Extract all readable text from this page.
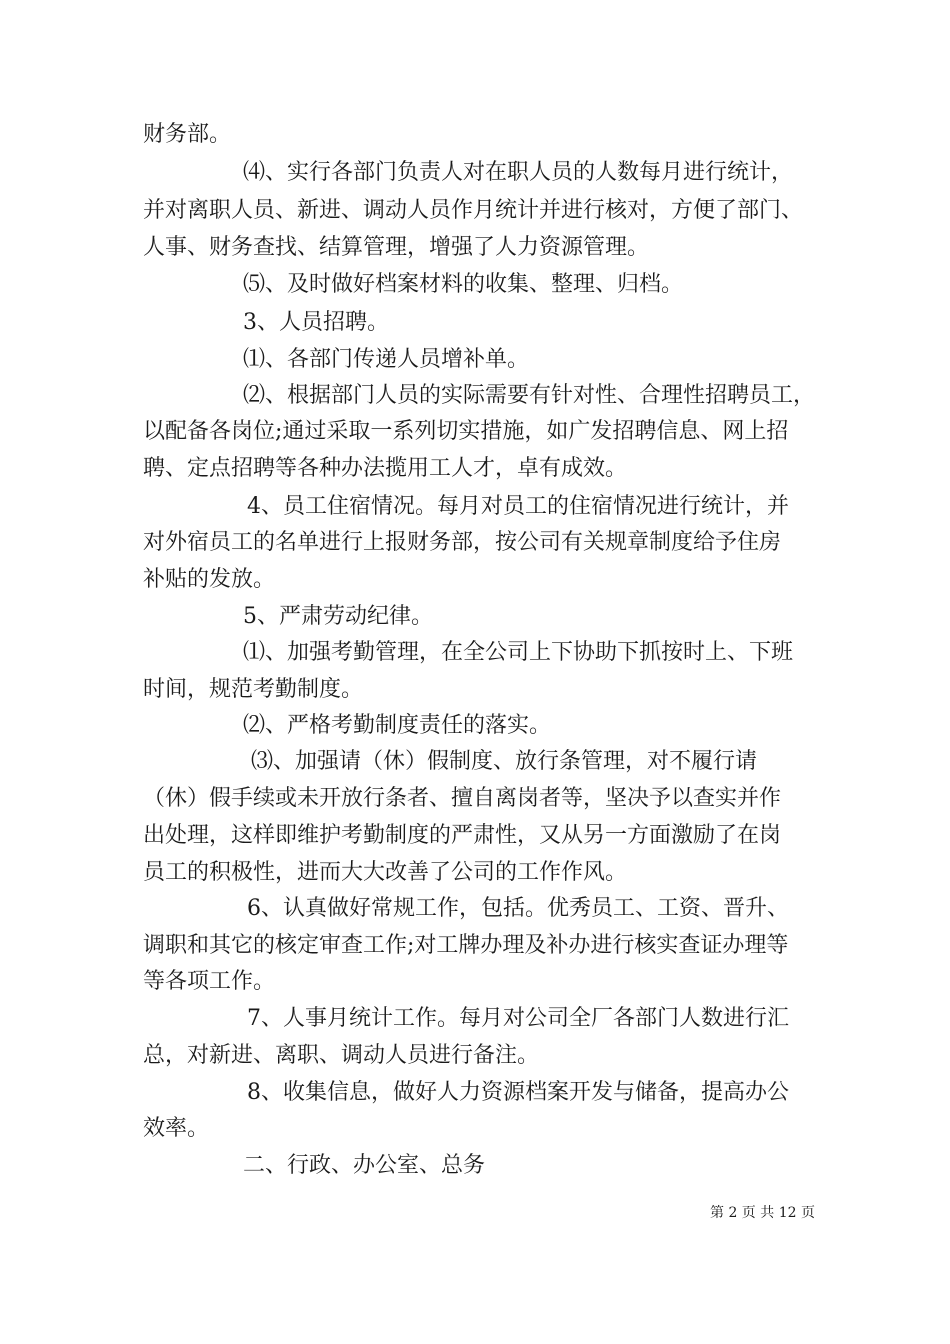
财务部。
⑷、实行各部门负责人对在职人员的人数每月进行统计，
并对离职人员、新进、调动人员作月统计并进行核对，方便了部门、
人事、财务查找、结算管理，增强了人力资源管理。
⑸、及时做好档案材料的收集、整理、归档。
3、人员招聘。
⑴、各部门传递人员增补单。
⑵、根据部门人员的实际需要有针对性、合理性招聘员工，
以配备各岗位;通过采取一系列切实措施，如广发招聘信息、网上招
聘、定点招聘等各种办法揽用工人才，卓有成效。
4、员工住宿情况。每月对员工的住宿情况进行统计，并
对外宿员工的名单进行上报财务部，按公司有关规章制度给予住房
补贴的发放。
5、严肃劳动纪律。
⑴、加强考勤管理，在全公司上下协助下抓按时上、下班
时间，规范考勤制度。
⑵、严格考勤制度责任的落实。
⑶、加强请（休）假制度、放行条管理，对不履行请
（休）假手续或未开放行条者、擅自离岗者等，坚决予以查实并作
出处理，这样即维护考勤制度的严肃性，又从另一方面激励了在岗
员工的积极性，进而大大改善了公司的工作作风。
6、认真做好常规工作，包括。优秀员工、工资、晋升、
调职和其它的核定审查工作;对工牌办理及补办进行核实查证办理等
等各项工作。
7、人事月统计工作。每月对公司全厂各部门人数进行汇
总，对新进、离职、调动人员进行备注。
8、收集信息，做好人力资源档案开发与储备，提高办公
效率。
二、行政、办公室、总务
第 2 页 共 12 页
